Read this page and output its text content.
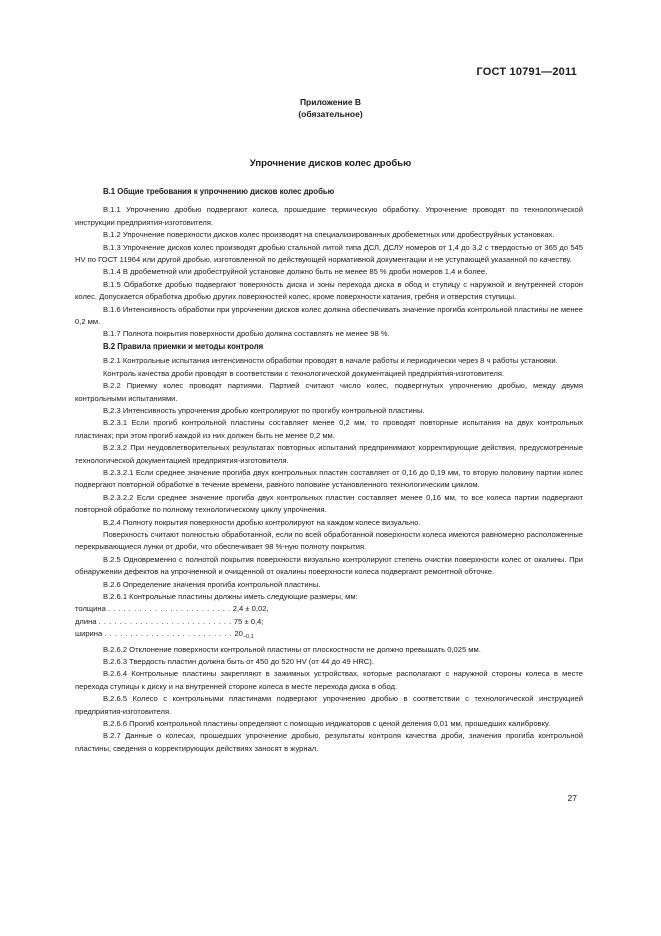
ГОСТ 10791—2011
Приложение В
(обязательное)
Упрочнение дисков колес дробью

В.1 Общие требования к упрочнению дисков колес дробью

В.1.1 Упрочнению дробью подвергают колеса, прошедшие термическую обработку. Упрочнение проводят по технологической инструкции предприятия-изготовителя.

В.1.2 Упрочнение поверхности дисков колес производят на специализированных дробеметных или дробеструйных установках.

В.1.3 Упрочнение дисков колес производят дробью стальной литой типа ДСЛ, ДСЛУ номеров от 1,4 до 3,2 с твердостью от 365 до 545 HV по ГОСТ 11964 или другой дробью, изготовленной по действующей нормативной документации и не уступающей указанной по качеству.

В.1.4 В дробеметной или дробеструйной установке должно быть не менее 85 % дроби номеров 1,4 и более.

В.1.5 Обработке дробью подвергают поверхность диска и зоны перехода диска в обод и ступицу с наружной и внутренней сторон колес. Допускается обработка дробью других поверхностей колес, кроме поверхности катания, гребня и отверстия ступицы.

В.1.6 Интенсивность обработки при упрочнении дисков колес должна обеспечивать значение прогиба контрольной пластины не менее 0,2 мм.

В.1.7 Полнота покрытия поверхности дробью должна составлять не менее 98 %.

В.2 Правила приемки и методы контроля

В.2.1 Контрольные испытания интенсивности обработки проводят в начале работы и периодически через 8 ч работы установки.

Контроль качества дроби проводят в соответствии с технологической документацией предприятия-изготовителя.

В.2.2 Приемку колес проводят партиями. Партией считают число колес, подвергнутых упрочнению дробью, между двумя контрольными испытаниями.

В.2.3 Интенсивность упрочнения дробью контролируют по прогибу контрольной пластины.

В.2.3.1 Если прогиб контрольной пластины составляет менее 0,2 мм, то проводят повторные испытания на двух контрольных пластинах; при этом прогиб каждой из них должен быть не менее 0,2 мм.

В.2.3.2 При неудовлетворительных результатах повторных испытаний предпринимают корректирующие действия, предусмотренные технологической документацией предприятия-изготовителя.

В.2.3.2.1 Если среднее значение прогиба двух контрольных пластин составляет от 0,16 до 0,19 мм, то вторую половину партии колес подвергают повторной обработке в течение времени, равного половине установленного технологическим циклом.

В.2.3.2.2 Если среднее значение прогиба двух контрольных пластин составляет менее 0,16 мм, то все колеса партии подвергают повторной обработке по полному технологическому циклу упрочнения.

В.2.4 Полноту покрытия поверхности дробью контролируют на каждом колесе визуально.

Поверхность считают полностью обработанной, если по всей обработанной поверхности колеса имеются равномерно расположенные перекрывающиеся лунки от дроби, что обеспечивает 98 %-ную полноту покрытия.

В.2.5 Одновременно с полнотой покрытия поверхности визуально контролируют степень очистки поверхности колес от окалины. При обнаружении дефектов на упрочненной и очищенной от окалины поверхности колеса подвергают ремонтной обточке.

В.2.6 Определение значения прогиба контрольной пластины.

В.2.6.1 Контрольные пластины должны иметь следующие размеры, мм:

толщина . . . . . . . . . . . . . . . . . . . . . . . . 2,4 ± 0,02,
длина . . . . . . . . . . . . . . . . . . . . . . . . . . 75 ± 0,4;
ширина . . . . . . . . . . . . . . . . . . . . . . . . . $20_{-0,1}$

В.2.6.2 Отклонение поверхности контрольной пластины от плоскостности не должно превышать 0,025 мм.

В.2.6.3 Твердость пластин должна быть от 450 до 520 HV (от 44 до 49 HRC).

В.2.6.4 Контрольные пластины закрепляют в зажимных устройствах, которые располагают с наружной стороны колеса в месте перехода ступицы к диску и на внутренней стороне колеса в месте перехода диска в обод.

В.2.6.5 Колесо с контрольными пластинами подвергают упрочнению дробью в соответствии с технологической инструкцией предприятия-изготовителя.

В.2.6.6 Прогиб контрольной пластины определяют с помощью индикаторов с ценой деления 0,01 мм, прошедших калибровку.

В.2.7 Данные о колесах, прошедших упрочнение дробью, результаты контроля качества дроби, значения прогиба контрольной пластины, сведения о корректирующих действиях заносят в журнал.

27
